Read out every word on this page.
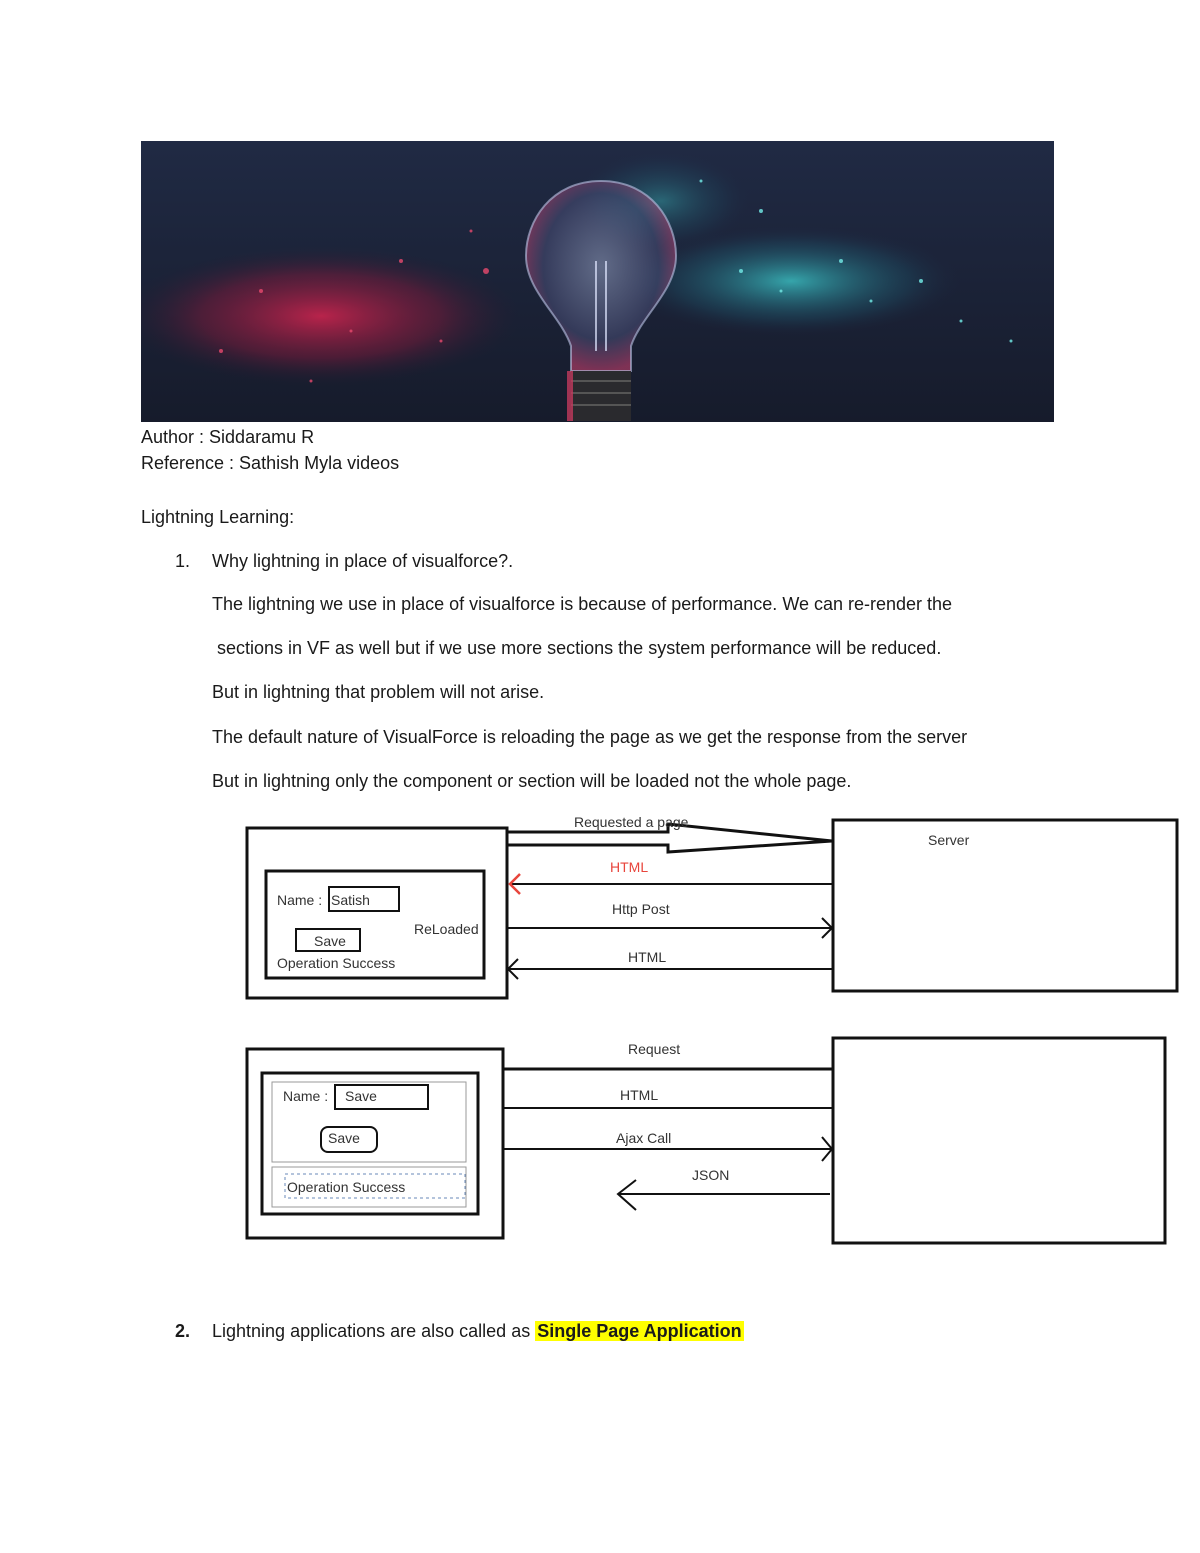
Author : Siddaramu R
Reference : Sathish Myla videos
Lightning Learning:
1. Why lightning in place of visualforce?.
The lightning we use in place of visualforce is because of performance. We can re-render the
sections in VF as well but if we use more sections the system performance will be reduced.
But in lightning that problem will not arise.
The default nature of VisualForce is reloading the page as we get the response from the server
But in lightning only the component or section will be loaded not the whole page.
Server
Requested a page
HTML
Http Post
HTML
Name : Satish
Save
ReLoaded
Operation Success
Request
HTML
Ajax Call
JSON
Name : Save
Save
Operation Success
2. Lightning applications are also called as Single Page Application
